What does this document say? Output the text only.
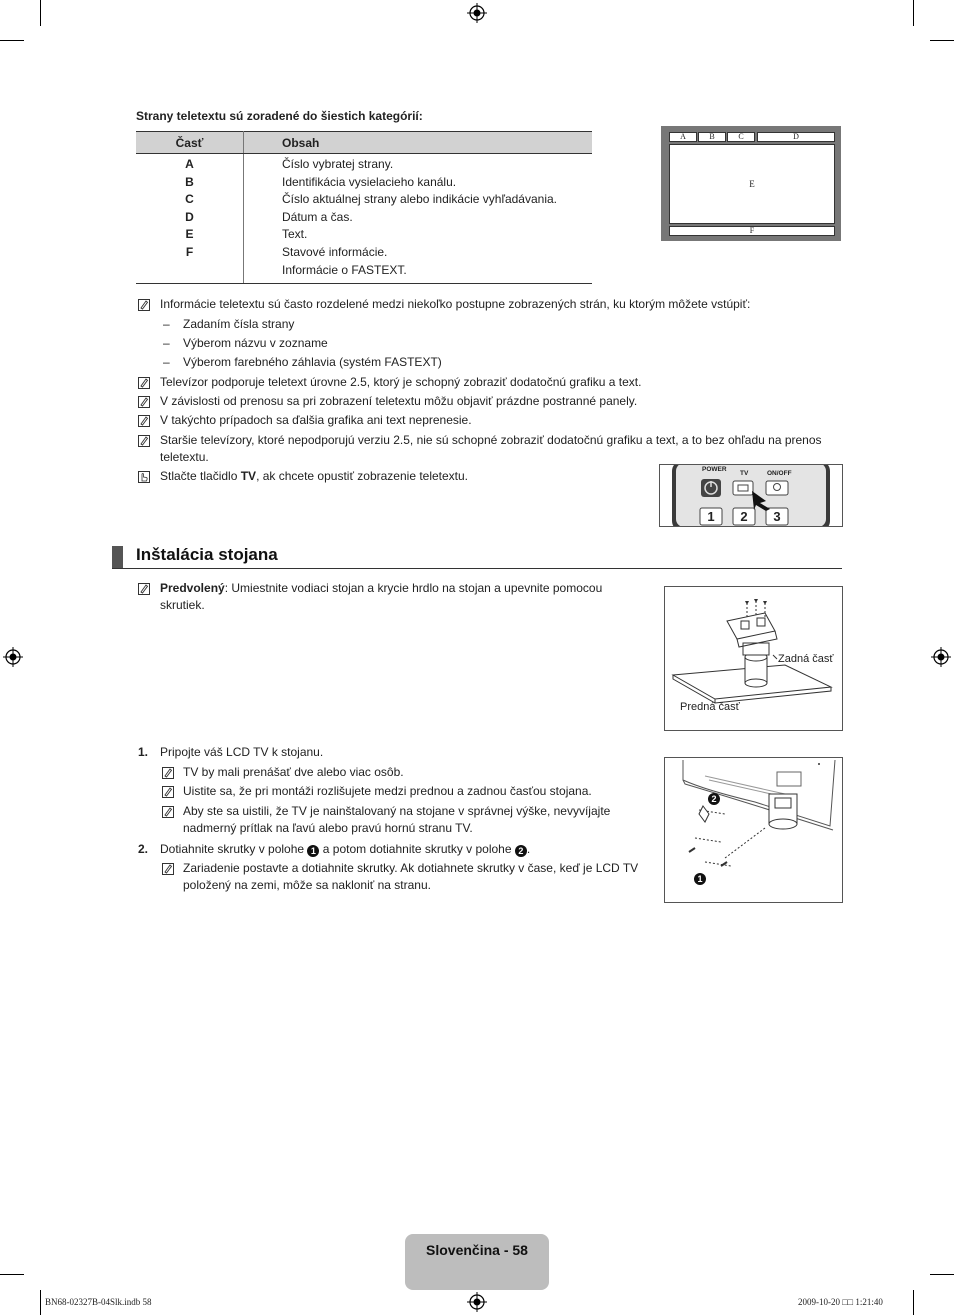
Strany teletextu sú zoradené do šiestich kategórií:
Časť	Obsah
A	Číslo vybratej strany.
B	Identifikácia vysielacieho kanálu.
C	Číslo aktuálnej strany alebo indikácie vyhľadávania.
D	Dátum a čas.
E	Text.
F	Stavové informácie.
	Informácie o FASTEXT.
A	B	C	D
E
F
Informácie teletextu sú často rozdelené medzi niekoľko postupne zobrazených strán, ku ktorým môžete vstúpiť:
– Zadaním čísla strany
– Výberom názvu v zozname
– Výberom farebného záhlavia (systém FASTEXT)
Televízor podporuje teletext úrovne 2.5, ktorý je schopný zobraziť dodatočnú grafiku a text.
V závislosti od prenosu sa pri zobrazení teletextu môžu objaviť prázdne postranné panely.
V takýchto prípadoch sa ďalšia grafika ani text neprenesie.
Staršie televízory, ktoré nepodporujú verziu 2.5, nie sú schopné zobraziť dodatočnú grafiku a text, a to bez ohľadu na prenos teletextu.
Stlačte tlačidlo TV, ak chcete opustiť zobrazenie teletextu.	POWER
TV	ON/OFF
1	2	3
Inštalácia stojana
Predvolený: Umiestnite vodiaci stojan a krycie hrdlo na stojan a upevnite pomocou skrutiek.
Zadná časť
Predná časť
1. Pripojte váš LCD TV k stojanu.
TV by mali prenášať dve alebo viac osôb.
Uistite sa, že pri montáži rozlišujete medzi prednou a zadnou časťou stojana.
Aby ste sa uistili, že TV je nainštalovaný na stojane v správnej výške, nevyvíjajte nadmerný prítlak na ľavú alebo pravú hornú stranu TV.
2. Dotiahnite skrutky v polohe 1 a potom dotiahnite skrutky v polohe 2 .
Zariadenie postavte a dotiahnite skrutky. Ak dotiahnete skrutky v čase, keď je LCD TV položený na zemi, môže sa nakloniť na stranu.
2
1
Slovenčina - 58
BN68-02327B-04Slk.indb 58	2009-10-20 □□ 1:21:40
